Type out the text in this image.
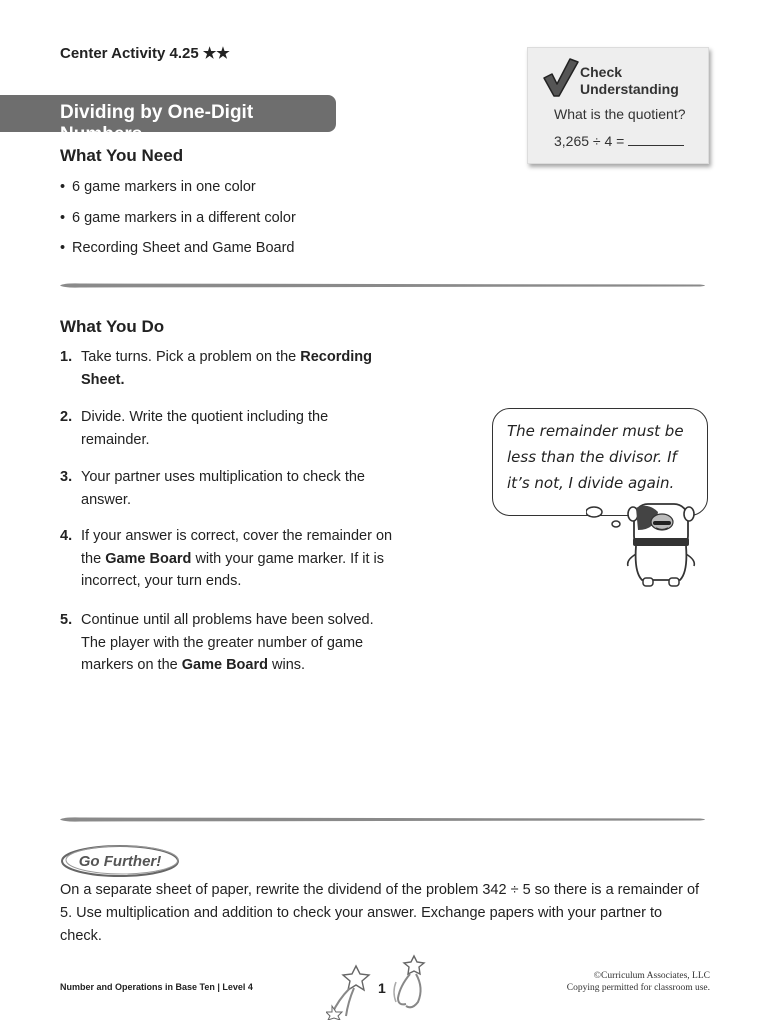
Center Activity 4.25 ★★
Dividing by One-Digit Numbers
Check
Understanding
What is the quotient?
3,265 ÷ 4 =
What You Need
• 6 game markers in one color
• 6 game markers in a different color
• Recording Sheet and Game Board
What You Do
1. Take turns. Pick a problem on the Recording Sheet.
2. Divide. Write the quotient including the remainder.
3. Your partner uses multiplication to check the answer.
4. If your answer is correct, cover the remainder on the Game Board with your game marker. If it is incorrect, your turn ends.
5. Continue until all problems have been solved. The player with the greater number of game markers on the Game Board wins.
The remainder must be less than the divisor. If it’s not, I divide again.
Go Further!
On a separate sheet of paper, rewrite the dividend of the problem 342 ÷ 5 so there is a remainder of 5. Use multiplication and addition to check your answer. Exchange papers with your partner to check.
Number and Operations in Base Ten | Level 4	1
©Curriculum Associates, LLC
Copying permitted for classroom use.
